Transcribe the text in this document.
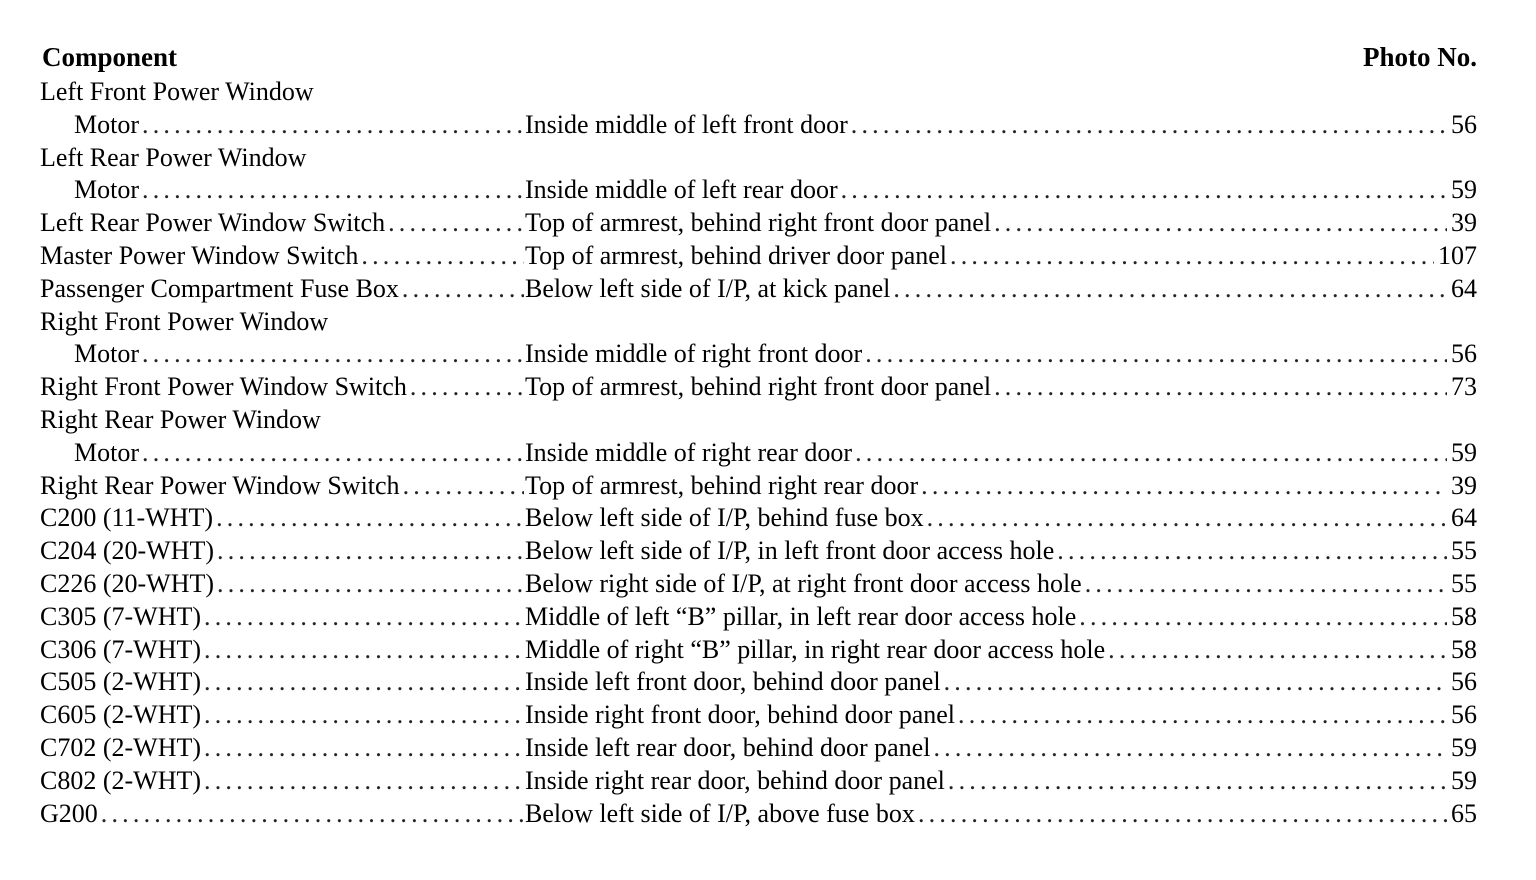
Component	Photo No.
Left Front Power Window
Motor .....	Inside middle of left front door .....	56
Left Rear Power Window
Motor .....	Inside middle of left rear door .....	59
Left Rear Power Window Switch .....	Top of armrest, behind right front door panel .....	39
Master Power Window Switch .....	Top of armrest, behind driver door panel .....	107
Passenger Compartment Fuse Box .....	Below left side of I/P, at kick panel .....	64
Right Front Power Window
Motor .....	Inside middle of right front door .....	56
Right Front Power Window Switch .....	Top of armrest, behind right front door panel .....	73
Right Rear Power Window
Motor .....	Inside middle of right rear door .....	59
Right Rear Power Window Switch .....	Top of armrest, behind right rear door .....	39
C200 (11-WHT) .....	Below left side of I/P, behind fuse box .....	64
C204 (20-WHT) .....	Below left side of I/P, in left front door access hole .....	55
C226 (20-WHT) .....	Below right side of I/P, at right front door access hole .....	55
C305 (7-WHT) .....	Middle of left “B” pillar, in left rear door access hole .....	58
C306 (7-WHT) .....	Middle of right “B” pillar, in right rear door access hole .....	58
C505 (2-WHT) .....	Inside left front door, behind door panel .....	56
C605 (2-WHT) .....	Inside right front door, behind door panel .....	56
C702 (2-WHT) .....	Inside left rear door, behind door panel .....	59
C802 (2-WHT) .....	Inside right rear door, behind door panel .....	59
G200 .....	Below left side of I/P, above fuse box .....	65
